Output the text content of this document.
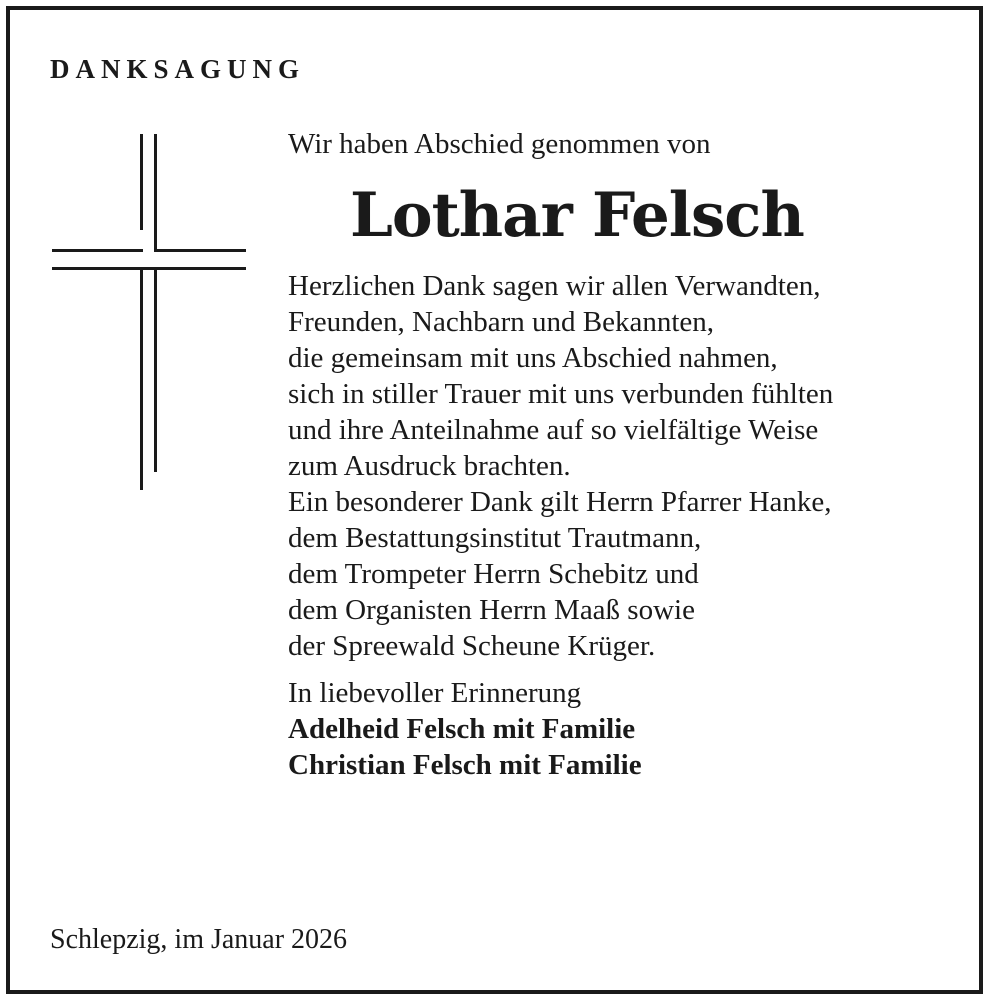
DANKSAGUNG

Wir haben Abschied genommen von

Lothar Felsch
Herzlichen Dank sagen wir allen Verwandten,
Freunden, Nachbarn und Bekannten,
die gemeinsam mit uns Abschied nahmen,
sich in stiller Trauer mit uns verbunden fühlten
und ihre Anteilnahme auf so vielfältige Weise
zum Ausdruck brachten.
Ein besonderer Dank gilt Herrn Pfarrer Hanke,
dem Bestattungsinstitut Trautmann,
dem Trompeter Herrn Schebitz und
dem Organisten Herrn Maaß sowie
der Spreewald Scheune Krüger.
In liebevoller Erinnerung
Adelheid Felsch mit Familie
Christian Felsch mit Familie
Schlepzig, im Januar 2026
